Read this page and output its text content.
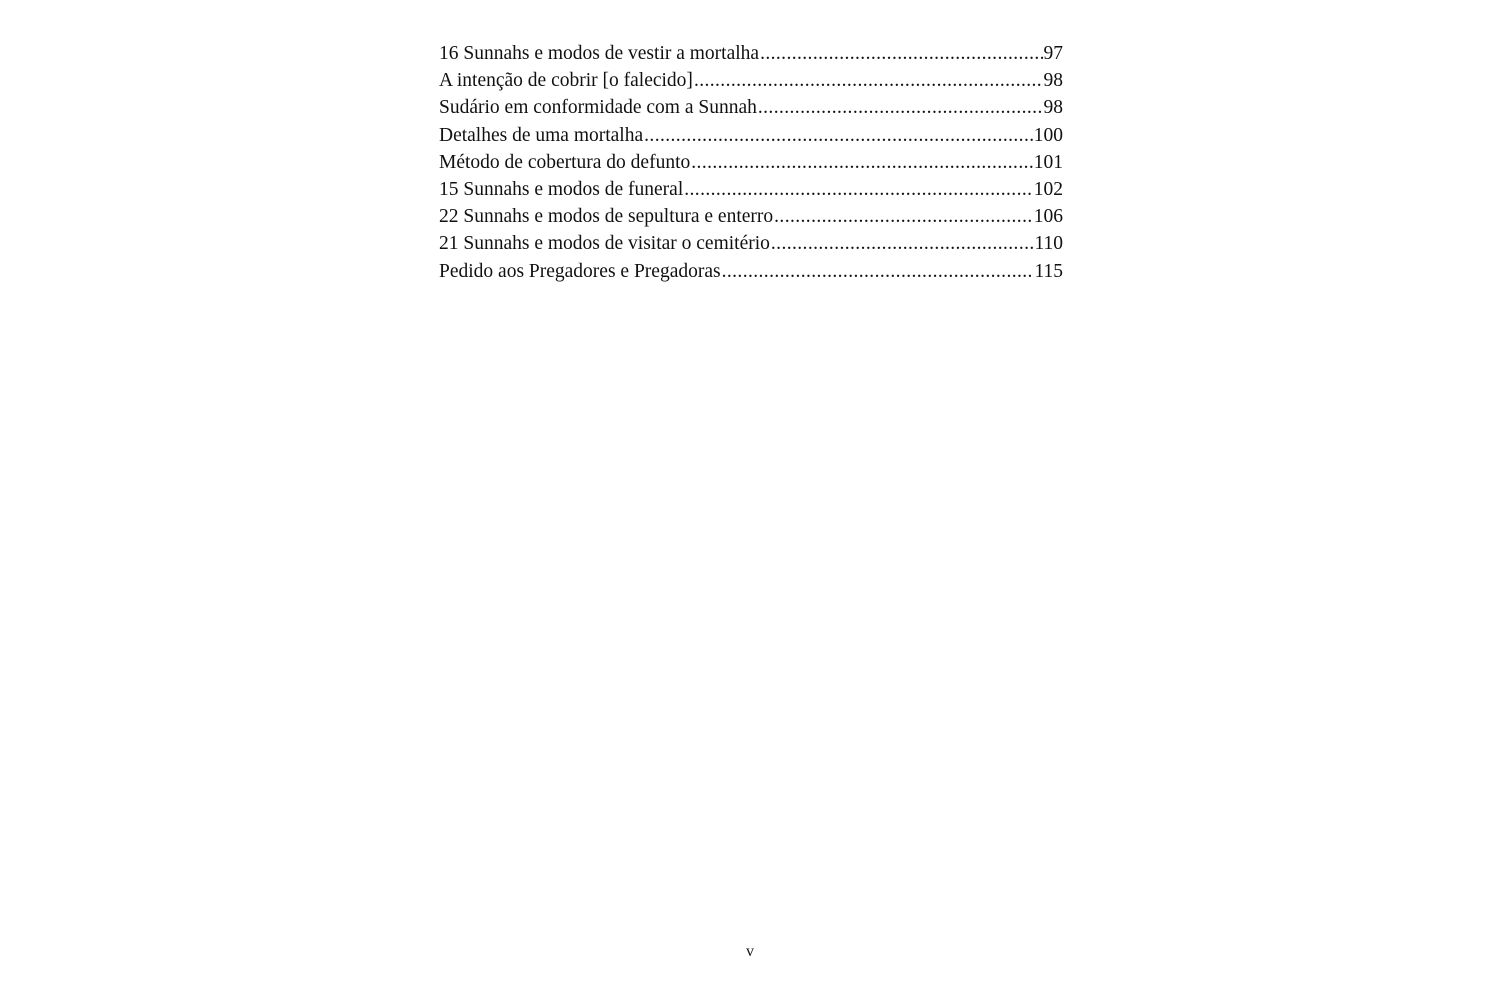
16 Sunnahs e modos de vestir a mortalha .....	97
A intenção de cobrir [o falecido] .....	98
Sudário em conformidade com a Sunnah .....	98
Detalhes de uma mortalha .....	100
Método de cobertura do defunto .....	101
15 Sunnahs e modos de funeral .....	102
22 Sunnahs e modos de sepultura e enterro .....	106
21 Sunnahs e modos de visitar o cemitério .....	110
Pedido aos Pregadores e Pregadoras .....	115
v
